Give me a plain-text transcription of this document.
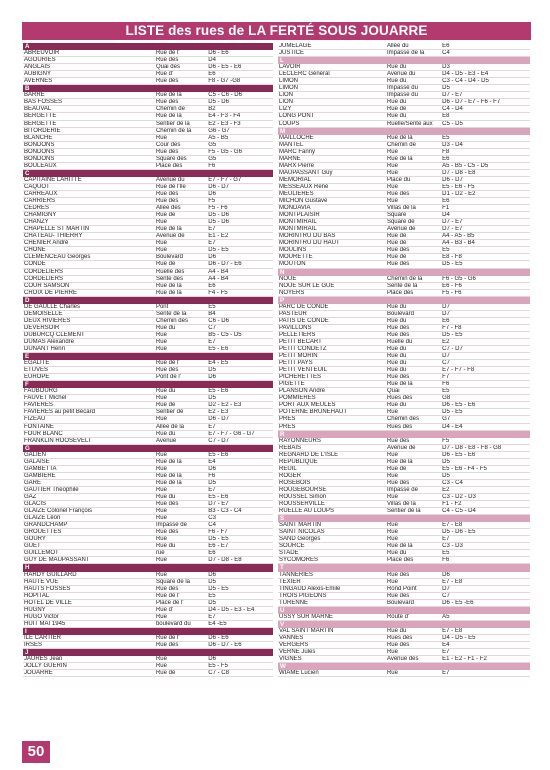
LISTE des rues de LA FERTÉ SOUS JOUARRE
A
ABREUVOIR	Rue de l'	D6 - E6
AGOURIES	Rue des	D4
ANGLAIS	Quai des	D6 - E5 - E6
AUBIGNY	Rue d'	E6
AVERNES	Rue des	F8 - G7 -G8
B
BARRE	Rue de la	C5 - C6 - D6
BAS FOSSES	Rue des	D5 - D6
BEAUVAL	Chemin de	B2
BERGETTE	Rue de la	E4 - F3 - F4
BERGETTE	Sentier de la	E2 - E3 - F3
BITORDERIE	Chemin de la	G6 - G7
BLANCHE	Rue	A5 - B5
BONDONS	Cour des	G5
BONDONS	Rue des	F5 - G5 - G6
BONDONS	Square des	G5
BOULEAUX	Place des	F6
C
CAPITAINE LAHITTE	Avenue du	E7 - F7 - G7
CAQUOT	Rue de l'Île	D6 - D7
CARREAUX	Rue des	D6
CARRIERS	Rue des	F5
CEDRES	Allée des	F5 - F6
CHAMIGNY	Rue de	D5 - D6
CHANZY	Rue	D5 - D6
CHAPELLE ST MARTIN	Rue de la	E7
CHÂTEAU- THIERRY	Avenue de	E1 - E2
CHENIER André	Rue	E7
CHONE	Rue	D5 - E5
CLEMENCEAU Georges	Boulevard	D6
CONDE	Rue de	D6 - D7 - E6
CORDELIERS	Ruelle des	A4 - B4
CORDELIERS	Sente des	A4 - B4
COUR SAMSON	Rue de la	E6
CROIX DE PIERRE	Rue de la	F4 - F5
D
DE GAULLE Charles	Pont	E5
DEMOISELLE	Sente de la	B4
DEUX RIVIERES	Chemin des	C6 - D6
DEVERSOIR	Rue du	C7
DUBURCQ CLEMENT	Rue	B5 - C5 - D5
DUMAS Alexandre	Rue	E7
DUNANT Henri	Rue	E5 - E6
E
EGALITE	Rue de l'	E4 - E5
ETUVES	Rue des	D5
EUROPE	Pont de l'	D6
F
FAUBOURG	Rue du	E5 - E6
FAUVET Michel	Rue	D5
FAVIERES	Rue de	D2 - E2 - E3
FAVIERES au petit Bécard	Sentier de	E2 - E3
FIZEAU	Rue	D6 - D7
FONTAINE	Allée de la	E7
FOUR BLANC	Rue du	E7 - F7 - G6 - G7
FRANKLIN ROOSEVELT	Avenue	C7 - D7
G
GALIEN	Rue	E5 - E6
GALAISE	Rue de la	E4
GAMBETTA	Rue	D6
GAMBIERE	Rue de la	F6
GARE	Rue de la	D5
GAUTIER Théophile	Rue	E7
GAZ	Rue du	E5 - E6
GLACIS	Rue des	D7 - E7
GLAIZE Colonel François	Rue	B3 - C3 - C4
GLAIZE Léon	Rue	C3
GRANDCHAMP	Impasse de	C4
GROUETTES	Rue des	F6 - F7
GOURY	Rue	D5 - E5
GUET	Rue du	E6 - E7
GUILLEMOT	rue	E6
GUY DE MAUPASSANT	Rue	D7 - D8 - E8
H
HARDY GUILLARD	Rue	D6
HAUTE VUE	Square de la	D5
HAUTS FOSSES	Rue des	D5 - E5
HÔPITAL	Rue de l'	E5
HÔTEL DE VILLE	Place de l'	D5
HUGNY	Rue d'	D4 - D5 - E3 - E4
HUGO Victor	Rue	E7
HUIT MAI 1945	boulevard du	E4 -E5
I
ÎLE CARTIER	Rue de l'	D6 - E6
IRSES	Rue des	D6 - D7 - E6
J
JAURES Jean	Rue	D6
JOLLY GUERIN	Rue	E5 - F5
JOUARRE	Rue de	C7 - C8
JUMELAGE	Allée du	E6
JUSTICE	Impasse de la	C4
L
LAVOIR	Rue du	D3
LECLERC Général	Avenue du	D4 - D5 - E3 - E4
LIMON	Rue du	C3 - C4 - D4 - D5
LIMON	Impasse du	D5
LION	Impasse du	D7 - E7
LION	Rue du	D6 - D7 - E7 - F6 - F7
LIZY	Rue de	C4 - D4
LONG PONT	Rue du	E8
LOUPS	Ruelle/Sente aux	C5 - D5
M
MAILLOCHE	Rue de la	E5
MANTEL	Chemin de	D3 - D4
MARC Fanny	Rue	F8
MARNE	Rue de la	E6
MARX Pierre	Rue	A5 - B5 - C5 - D5
MAUPASSANT Guy	Rue	D7 - D8 - E8
MEMORIAL	Place du	D6 - D7
MESSEAUX René	Rue	E5 - E6 - F5
MEULIERES	Rue des	D1 - D2 - E2
MICHON Gustave	Rue	E6
MONDAVIA	Villas de la	F1
MONTPLAISIR	Square	D4
MONTMIRAIL	Square de	D7 - E7
MONTMIRAIL	Avenue de	D7 - E7
MORINTRU DU BAS	Rue de	A4 - A5 - B5
MORINTRU DU HAUT	Rue de	A4 - B3 - B4
MOULINS	Rue des	E5
MOURETTE	Rue de	E8 - F8
MOUTON	Rue des	D5 - E5
N
NOUE	Chemin de la	F6 - G5 - G6
NOUE SUR LE GUE	Sente de la	E6 - F6
NOYERS	Place des	F5 - F6
P
PARC DE CONDE	Rue du	D7
PASTEUR	Boulevard	D7
PATIS DE CONDE	Rue du	E6
PAVILLONS	Rue des	F7 - F8
PELLETIERS	Rue des	D5 - E5
PETIT BECART	Ruelle du	E2
PETIT CONDETZ	Rue du	C7 - D7
PETIT MORIN	Rue du	D7
PETIT PAYS	Rue du	C7
PETIT VENTEUIL	Rue du	E7 - F7 - F8
PICHERETTES	Rue des	F7
PIGETTE	Rue de la	F6
PLANSON André	Quai	E5
POMMIERES	Rues des	G8
PORT AUX MEULES	Rue du	D6 - E5 - E6
POTERNE BRUNEHAUT	Rue	D5 - E5
PRES	Chemin des	G7
PRES	Rues des	D4 - E4
R
RAYONNEURS	Rue des	F5
REBAIS	Avenue de	D7 - D8 - E8 - F8 - G8
REGNARD DE L'ISLE	Rue	D6 - E5 - E6
REPUBLIQUE	Rue de la	D5
REUIL	Rue de	E5 - E6 - F4 - F5
ROGER	Rue	D5
ROSEBOIS	Rue des	C3 - C4
ROUGEBOURSE	Impasse de	E2
ROUSSEL Simon	Rue	C3 - D2 - D3
ROUSSERVILLE	Villas de la	F1 - F2
RUELLE AU LOUPS	Sentier de la	C4 - C5 - D4
S
SAINT MARTIN	Rue	E7 - E8
SAINT NICOLAS	Rue	D5 - D6 - E5
SAND Georges	Rue	E7
SOURCE	Rue de la	C3 - D3
STADE	Rue du	E5
SYCOMORES	Place des	F6
T
TANNERIES	Rue des	D6
TEXIER	Rue	E7 - E8
TINGAUD Alexis-Emile	Rond Point	D7
TROIS PIGEONS	Rue des	C7
TURENNE	Boulevard	D6 - E5 -E6
U
USSY SUR MARNE	Route d'	A5
V
VAL SAINT MARTIN	Rue du	E7 - E8
VANNES	Rues des	D4 - D5 - E5
VERGERS	Rue des	E4
VERNE Jules	Rue	E7
VIGNES	Avenue des	E1 - E2 - F1 - F2
W
WIAME Lucien	Rue	E7
50
